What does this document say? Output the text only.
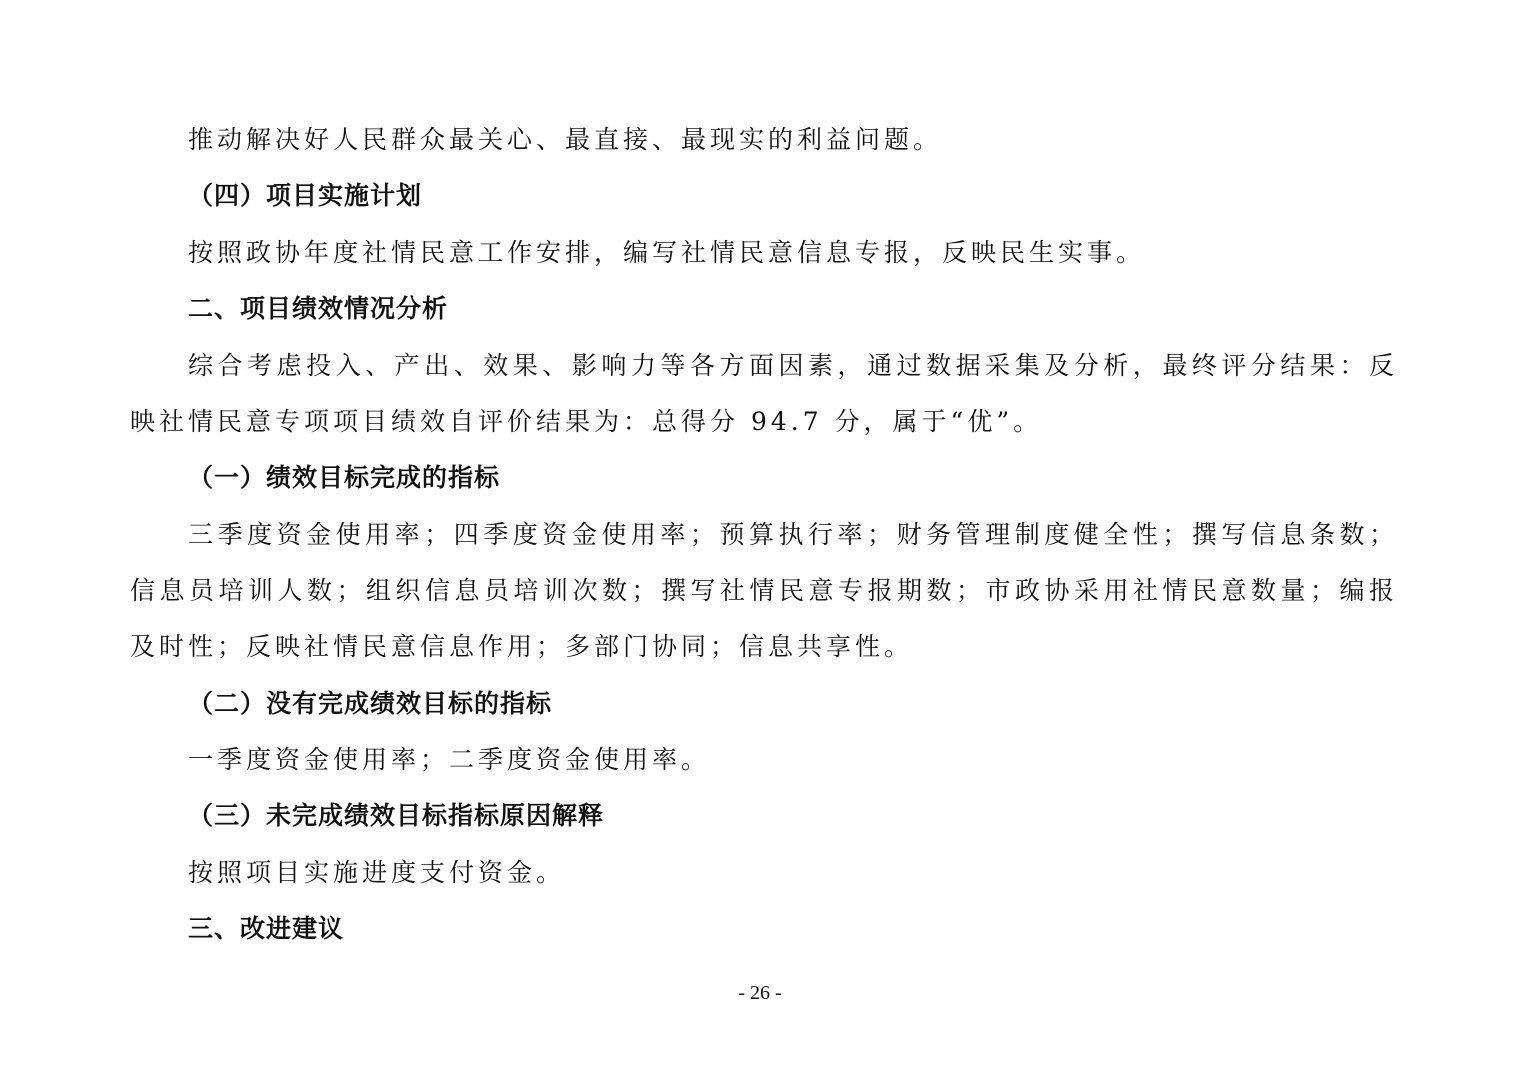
推动解决好人民群众最关心、最直接、最现实的利益问题。
（四）项目实施计划
按照政协年度社情民意工作安排，编写社情民意信息专报，反映民生实事。
二、项目绩效情况分析
综合考虑投入、产出、效果、影响力等各方面因素，通过数据采集及分析，最终评分结果：反
映社情民意专项项目绩效自评价结果为：总得分 94.7 分，属于“优”。
（一）绩效目标完成的指标
三季度资金使用率；四季度资金使用率；预算执行率；财务管理制度健全性；撰写信息条数；
信息员培训人数；组织信息员培训次数；撰写社情民意专报期数；市政协采用社情民意数量；编报
及时性；反映社情民意信息作用；多部门协同；信息共享性。
（二）没有完成绩效目标的指标
一季度资金使用率；二季度资金使用率。
（三）未完成绩效目标指标原因解释
按照项目实施进度支付资金。
三、改进建议
- 26 -
